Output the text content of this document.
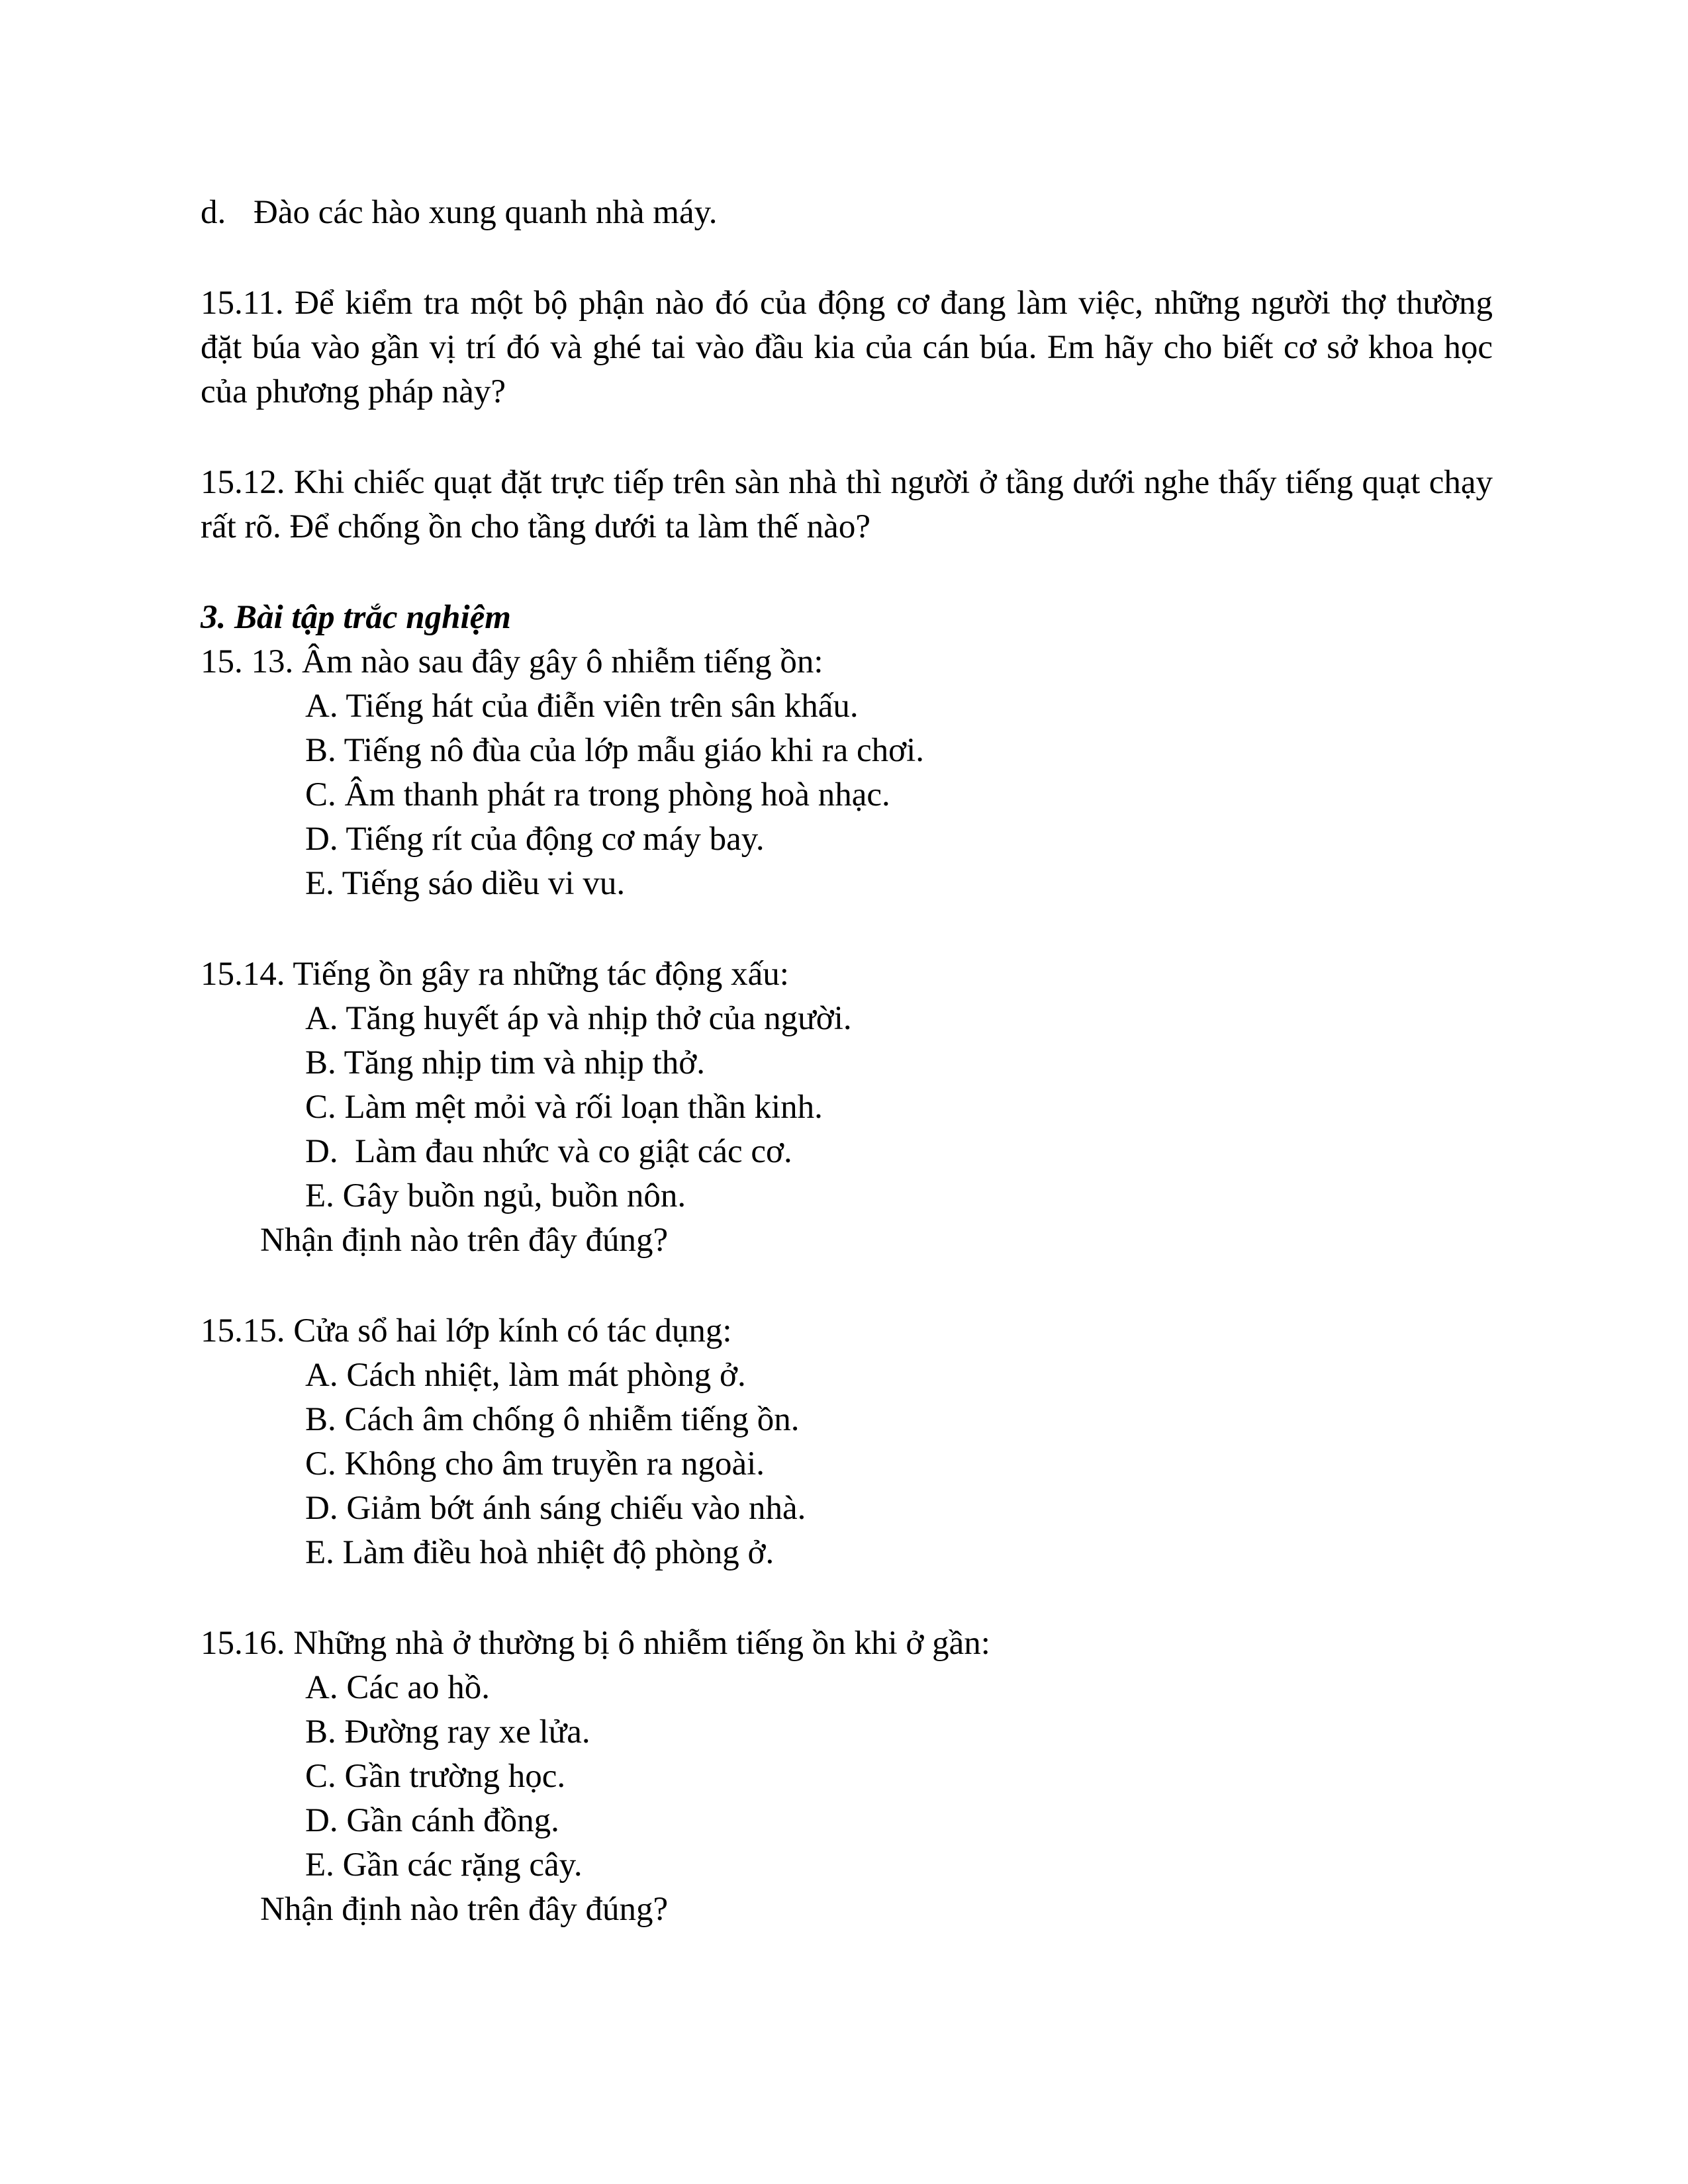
d. Đào các hào xung quanh nhà máy.
15.11. Để kiểm tra một bộ phận nào đó của động cơ đang làm việc, những người thợ thường đặt búa vào gần vị trí đó và ghé tai vào đầu kia của cán búa. Em hãy cho biết cơ sở khoa học của phương pháp này?
15.12. Khi chiếc quạt đặt trực tiếp trên sàn nhà thì người ở tầng dưới nghe thấy tiếng quạt chạy rất rõ. Để chống ồn cho tầng dưới ta làm thế nào?
3. Bài tập trắc nghiệm
15. 13. Âm nào sau đây gây ô nhiễm tiếng ồn:
A. Tiếng hát của điễn viên trên sân khấu.
B. Tiếng nô đùa của lớp mẫu giáo khi ra chơi.
C. Âm thanh phát ra trong phòng hoà nhạc.
D. Tiếng rít của động cơ máy bay.
E. Tiếng sáo diều vi vu.
15.14. Tiếng ồn gây ra những tác động xấu:
A. Tăng huyết áp và nhịp thở của người.
B. Tăng nhịp tim và nhịp thở.
C. Làm mệt mỏi và rối loạn thần kinh.
D.  Làm đau nhức và co giật các cơ.
E. Gây buồn ngủ, buồn nôn.
Nhận định nào trên đây đúng?
15.15. Cửa sổ hai lớp kính có tác dụng:
A. Cách nhiệt, làm mát phòng ở.
B. Cách âm chống ô nhiễm tiếng ồn.
C. Không cho âm truyền ra ngoài.
D. Giảm bớt ánh sáng chiếu vào nhà.
E. Làm điều hoà nhiệt độ phòng ở.
15.16. Những nhà ở thường bị ô nhiễm tiếng ồn khi ở gần:
A. Các ao hồ.
B. Đường ray xe lửa.
C. Gần trường học.
D. Gần cánh đồng.
E. Gần các rặng cây.
Nhận định nào trên đây đúng?
